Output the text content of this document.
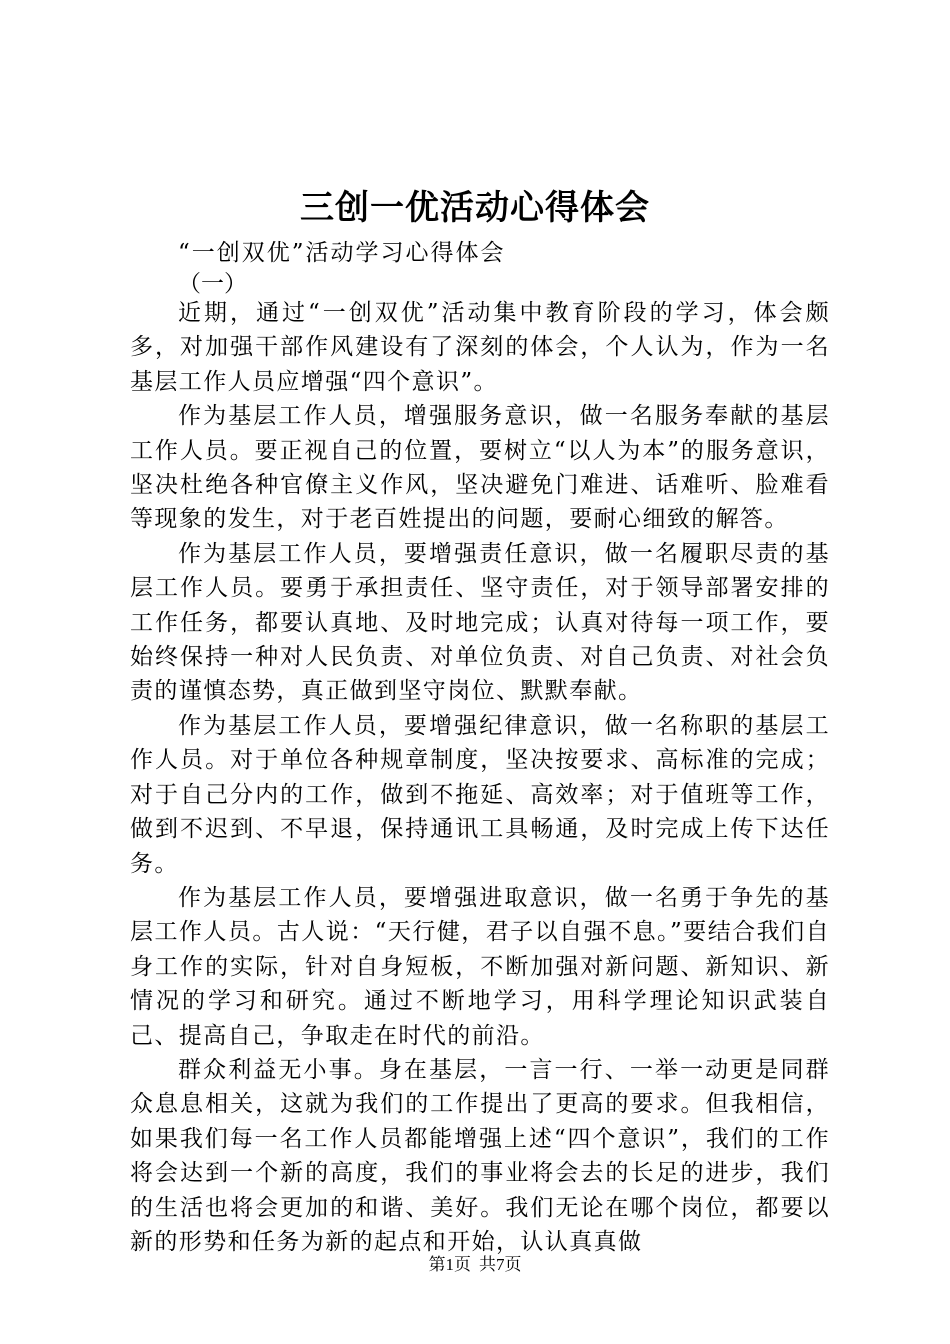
三创一优活动心得体会
“一创双优”活动学习心得体会
（一）

近期，通过“一创双优”活动集中教育阶段的学习，体会颇多，对加强干部作风建设有了深刻的体会，个人认为，作为一名基层工作人员应增强“四个意识”。

作为基层工作人员，增强服务意识，做一名服务奉献的基层工作人员。要正视自己的位置，要树立“以人为本”的服务意识，坚决杜绝各种官僚主义作风，坚决避免门难进、话难听、脸难看等现象的发生，对于老百姓提出的问题，要耐心细致的解答。

作为基层工作人员，要增强责任意识，做一名履职尽责的基层工作人员。要勇于承担责任、坚守责任，对于领导部署安排的工作任务，都要认真地、及时地完成；认真对待每一项工作，要始终保持一种对人民负责、对单位负责、对自己负责、对社会负责的谨慎态势，真正做到坚守岗位、默默奉献。

作为基层工作人员，要增强纪律意识，做一名称职的基层工作人员。对于单位各种规章制度，坚决按要求、高标准的完成；对于自己分内的工作，做到不拖延、高效率；对于值班等工作，做到不迟到、不早退，保持通讯工具畅通，及时完成上传下达任务。

作为基层工作人员，要增强进取意识，做一名勇于争先的基层工作人员。古人说：“天行健，君子以自强不息。”要结合我们自身工作的实际，针对自身短板，不断加强对新问题、新知识、新情况的学习和研究。通过不断地学习，用科学理论知识武装自己、提高自己，争取走在时代的前沿。

群众利益无小事。身在基层，一言一行、一举一动更是同群众息息相关，这就为我们的工作提出了更高的要求。但我相信，如果我们每一名工作人员都能增强上述“四个意识”，我们的工作将会达到一个新的高度，我们的事业将会去的长足的进步，我们的生活也将会更加的和谐、美好。我们无论在哪个岗位，都要以新的形势和任务为新的起点和开始，认认真真做

第1页 共7页
